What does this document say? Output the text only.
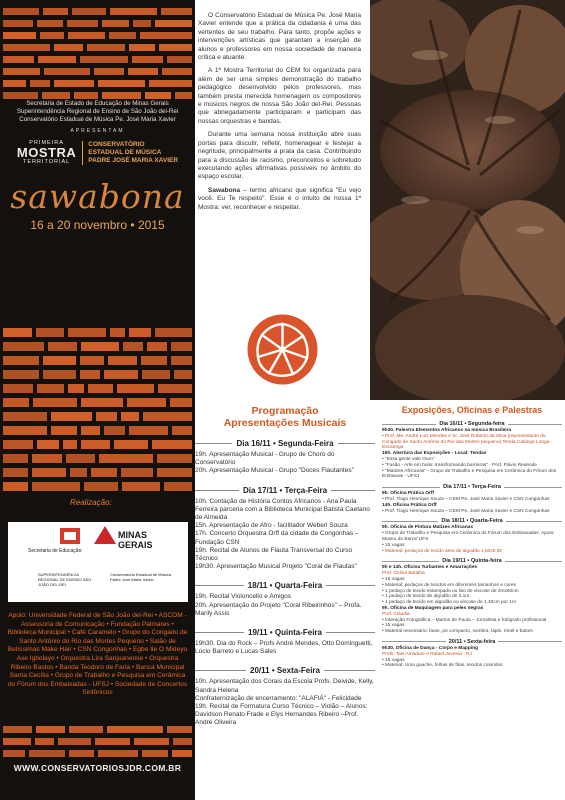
Secretaria de Estado de Educação de Minas Gerais
Superintendência Regional de Ensino de São João del-Rei
Conservatório Estadual de Música Pe. José Maria Xavier
APRESENTAM
PRIMEIRA
MOSTRA
TERRITORIAL
CONSERVATÓRIO
ESTADUAL DE MÚSICA
PADRE JOSÉ MARIA XAVIER
sawabona
16 a 20 novembro • 2015
Realização:
Secretaria de Educação
MINAS GERAIS
SUPERINTENDÊNCIA REGIONAL DE ENSINO SÃO JOÃO DEL-REI
Conservatório Estadual de Música Padre José Maria Xavier
Apoio: Universidade Federal de São João del-Rei • ASCOM - Assessoria de Comunicação • Fundação Palmares • Biblioteca Municipal • Café Caramelo • Grupo do Congado de Santo Antônio do Rio das Mortes Pequeno • Salão de Belíssimas Make Hair • CSN Congonhas • Egbe Ile O Mideyo Axe Igbolayo • Orquestra Lira Sanjoanense • Orquestra Ribeiro Bastos • Banda Teodoro de Faria • Banca Municipal Santa Cecília • Grupo de Trabalho e Pesquisa em Cerâmica do Fórum dos Embaixadas - UFSJ • Sociedade de Concertos Sinfônicos
WWW.CONSERVATORIOSJDR.COM.BR

O Conservatório Estadual de Música Pe. José Maria Xavier entende que a prática da cidadania é uma das vertentes de seu trabalho. Para tanto, propõe ações e intervenções artísticas que garantam a inserção de alunos e professores em nossa sociedade de maneira crítica e atuante.

A 1ª Mostra Territorial do CEM foi organizada para além de ser uma simples demonstração do trabalho pedagógico desenvolvido pelos professores, mas também presta merecida homenagem os compositores e músicos negros de nossa São João del-Rei. Pessoas que abnegadamente participaram e participam das nossas orquestras e bandas.

Durante uma semana nossa instituição abre suas portas para discutir, refletir, homenagear e festejar a negritude, principalmente a prata da casa. Contribuindo para a discussão de racismo, preconceitos e sobretudo executando ações afirmativas possíveis no âmbito do espaço escolar.

Sawabona – termo africano que significa "Eu vejo você. Eu Te respeito". Esse é o intuito de nossa 1ª Mostra: ver, reconhecer e respeitar.

Programação
Apresentações Musicais
Dia 16/11 • Segunda-Feira
19h. Apresentação Musical - Grupo de Choro do Conservatório
20h. Apresentação Musical - Grupo "Doces Flautantes"
Dia 17/11 • Terça-Feira
10h. Contação de História Contos Africanos - Ana Paula Ferreira parceria com a Biblioteca Municipal Batista Caetano de Almeida
15h. Apresentação de Afro - facilitador Weberl Souza
17h. Concerto Orquestra Orff da cidade de Congonhas – Fundação CSN
19h. Recital de Alunos de Flauta Transversal do Curso Técnico
19h30. Apresentação Musical Projeto "Coral de Flautas"
18/11 • Quarta-Feira
19h. Recital Violoncello e Amigos
20h. Apresentação do Projeto "Coral Ribeirinhos" – Profa. Marily Assis
19/11 • Quinta-Feira
19h30. Dia do Rock – Profs André Mendes, Otto Dominguetti, Lúcio Barreto e Lucas Sales
20/11 • Sexta-Feira
10h. Apresentação dos Corais da Escola Profs. Deivide, Kelly, Sandra Helena
Confraternização de encerramento: "ALAFIÁ" - Felicidade
19h. Recital de Formatura Curso Técnico – Violão – Alunos: Davidson Renato Frade e Elys Hernandes Ribeiro –Prof. André Oliveira
Exposições, Oficinas e Palestras
Dia 16/11 • Segunda-feira
9h30. Palestra Elementos Africanos na música Brasileira
• Prof. Me. André Luiz Mendes e Sr. José Roberto da Silva (representante do Congado de Santo Antônio do Rio das Mortes pequeno) Tenda Cabinga Longa - Escaringa
19h. Abertura das Exposições - Local: Tendas
• "Essa gente vale Ouro"
• "Fusão - Arte em bulio: transformando barreiras" - Prof. Flávio Resende
• "Matizes Africanas" - Grupo de Trabalho e Pesquisa em Cerâmica do Fórum dos Embaixas - UFSJ
Dia 17/11 • Terça-Feira
9h. Oficina Prática Orff
• Prof. Tiago Henrique Souza – CEM Pe. José Maria Xavier e CSN Congonhas
14h. Oficina Prática Orff
• Prof. Tiago Henrique Souza – CEM Pe. José Maria Xavier e CSN Congonhas
Dia 18/11 • Quarta-Feira
9h. Oficina de Pintura Matizes Africanas
• Grupo de Trabalho e Pesquisa em Cerâmica do Fórum dos Embaixadas. Apoio: Museu do Barro/ UFS
• 15 vagas
• Material: pedaços de tecido área de algodão 1,60x0,50
Dia 19/11 • Quinta-feira
9h e 14h. Oficina Turbantes e Amarrações
Prof. Celina Batalha
• 15 vagas
• Material: pedaços de tecidos em diferentes tamanhos e cores
• 1 pedaço de tecido estampado ou liso de viscose de 2mx60cm
• 1 pedaço de tecido de algodão de 3,1m
• 1 pedaço de tecido em algodão ou viscose de 1,40cm por 1m
9h. Oficina de Maquiagem para peles negras
Prof. Cláudia
• Interação Fotográfica – Marlon de Paula – Jornalista e fotógrafo profissional
• 15 vagas
• Material necessário: base, pó compacto, sombra, lápis, rímel e batom
20/11 • Sexta-feira
9h30. Oficina de Dança - Corpo e Mapping
Profs. Tais Amadure e Rafael Jovenia - RJ
• 15 vagas
• Material: Uma guache, folhas de fitas, tecidos coloridos
